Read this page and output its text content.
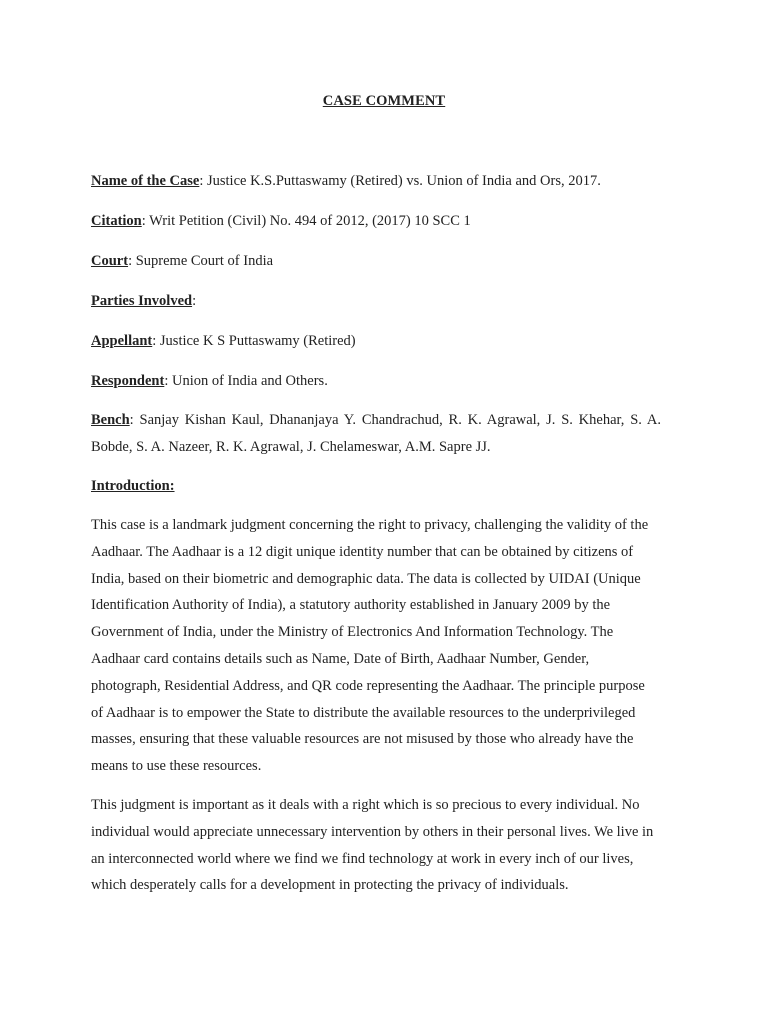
CASE COMMENT
Name of the Case: Justice K.S.Puttaswamy (Retired) vs. Union of India and Ors, 2017.
Citation: Writ Petition (Civil) No. 494 of 2012, (2017) 10 SCC 1
Court: Supreme Court of India
Parties Involved:
Appellant: Justice K S Puttaswamy (Retired)
Respondent: Union of India and Others.
Bench: Sanjay Kishan Kaul, Dhananjaya Y. Chandrachud, R. K. Agrawal, J. S. Khehar, S. A. Bobde, S. A. Nazeer, R. K. Agrawal, J. Chelameswar, A.M. Sapre JJ.
Introduction:
This case is a landmark judgment concerning the right to privacy, challenging the validity of the
Aadhaar. The Aadhaar is a 12 digit unique identity number that can be obtained by citizens of
India, based on their biometric and demographic data. The data is collected by UIDAI (Unique
Identification Authority of India), a statutory authority established in January 2009 by the
Government of India, under the Ministry of Electronics And Information Technology. The
Aadhaar card contains details such as Name, Date of Birth, Aadhaar Number, Gender,
photograph, Residential Address, and QR code representing the Aadhaar. The principle purpose
of Aadhaar is to empower the State to distribute the available resources to the underprivileged
masses, ensuring that these valuable resources are not misused by those who already have the
means to use these resources.
This judgment is important as it deals with a right which is so precious to every individual. No
individual would appreciate unnecessary intervention by others in their personal lives. We live in
an interconnected world where we find we find technology at work in every inch of our lives,
which desperately calls for a development in protecting the privacy of individuals.
